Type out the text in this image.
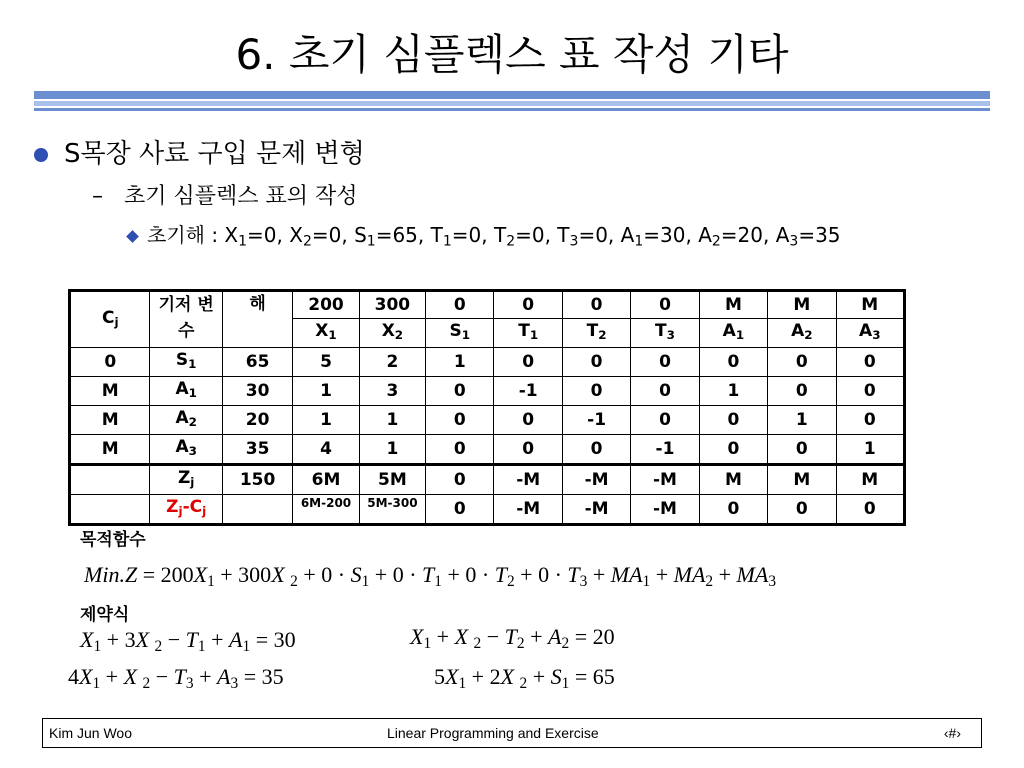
6. 초기 심플렉스 표 작성 기타
S목장 사료 구입 문제 변형
– 초기 심플렉스 표의 작성
초기해 : $X_1=0$, $X_2=0$, $S_1=65$, $T_1=0$, $T_2=0$, $T_3=0$, $A_1=30$, $A_2=20$, $A_3=35$
$C_j$	기저 변수	해	200	300	0	0	0	0	M	M	M
			$X_1$	$X_2$	$S_1$	$T_1$	$T_2$	$T_3$	$A_1$	$A_2$	$A_3$
0	$S_1$	65	5	2	1	0	0	0	0	0	0
M	$A_1$	30	1	3	0	-1	0	0	1	0	0
M	$A_2$	20	1	1	0	0	-1	0	0	1	0
M	$A_3$	35	4	1	0	0	0	-1	0	0	1
	$Z_j$	150	6M	5M	0	-M	-M	-M	M	M	M
	$Z_j-C_j$		6M-200	5M-300	0	-M	-M	-M	0	0	0
목적함수
$Min.Z = 200X_1 + 300X$ $_2 + 0 \cdot S_1 + 0 \cdot T_1 + 0 \cdot T_2 + 0 \cdot T_3 + MA_1 + MA_2 + MA_3$
제약식
$X_1 + 3X$ $_2 - T_1 + A_1 = 30$	$X_1 + X$ $_2 - T_2 + A_2 = 20$
$4X_1 + X$ $_2 - T_3 + A_3 = 35$	$5X_1 + 2X$ $_2 + S_1 = 65$
Kim Jun Woo	Linear Programming and Exercise	‹#›
